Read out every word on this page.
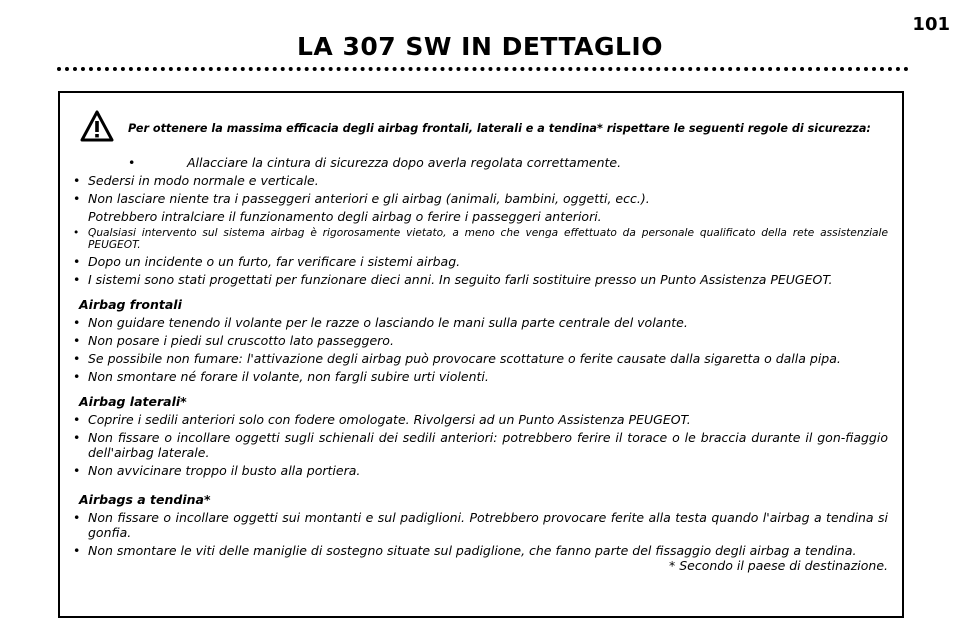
101
LA 307 SW IN DETTAGLIO
Per ottenere la massima efficacia degli airbag frontali, laterali e a tendina* rispettare le seguenti regole di sicurezza:
• Allacciare la cintura di sicurezza dopo averla regolata correttamente.
• Sedersi in modo normale e verticale.
• Non lasciare niente tra i passeggeri anteriori e gli airbag (animali, bambini, oggetti, ecc.).
Potrebbero intralciare il funzionamento degli airbag o ferire i passeggeri anteriori.
• Qualsiasi intervento sul sistema airbag è rigorosamente vietato, a meno che venga effettuato da personale qualificato della rete assistenziale PEUGEOT.
• Dopo un incidente o un furto, far verificare i sistemi airbag.
• I sistemi sono stati progettati per funzionare dieci anni. In seguito farli sostituire presso un Punto Assistenza PEUGEOT.
Airbag frontali
• Non guidare tenendo il volante per le razze o lasciando le mani sulla parte centrale del volante.
• Non posare i piedi sul cruscotto lato passeggero.
• Se possibile non fumare: l'attivazione degli airbag può provocare scottature o ferite causate dalla sigaretta o dalla pipa.
• Non smontare né forare il volante, non fargli subire urti violenti.
Airbag laterali*
• Coprire i sedili anteriori solo con fodere omologate. Rivolgersi ad un Punto Assistenza PEUGEOT.
• Non fissare o incollare oggetti sugli schienali dei sedili anteriori: potrebbero ferire il torace o le braccia durante il gon-fiaggio dell'airbag laterale.
• Non avvicinare troppo il busto alla portiera.
Airbags a tendina*
• Non fissare o incollare oggetti sui montanti e sul padiglioni. Potrebbero provocare ferite alla testa quando l'airbag a tendina si gonfia.
• Non smontare le viti delle maniglie di sostegno situate sul padiglione, che fanno parte del fissaggio degli airbag a tendina.
* Secondo il paese di destinazione.
